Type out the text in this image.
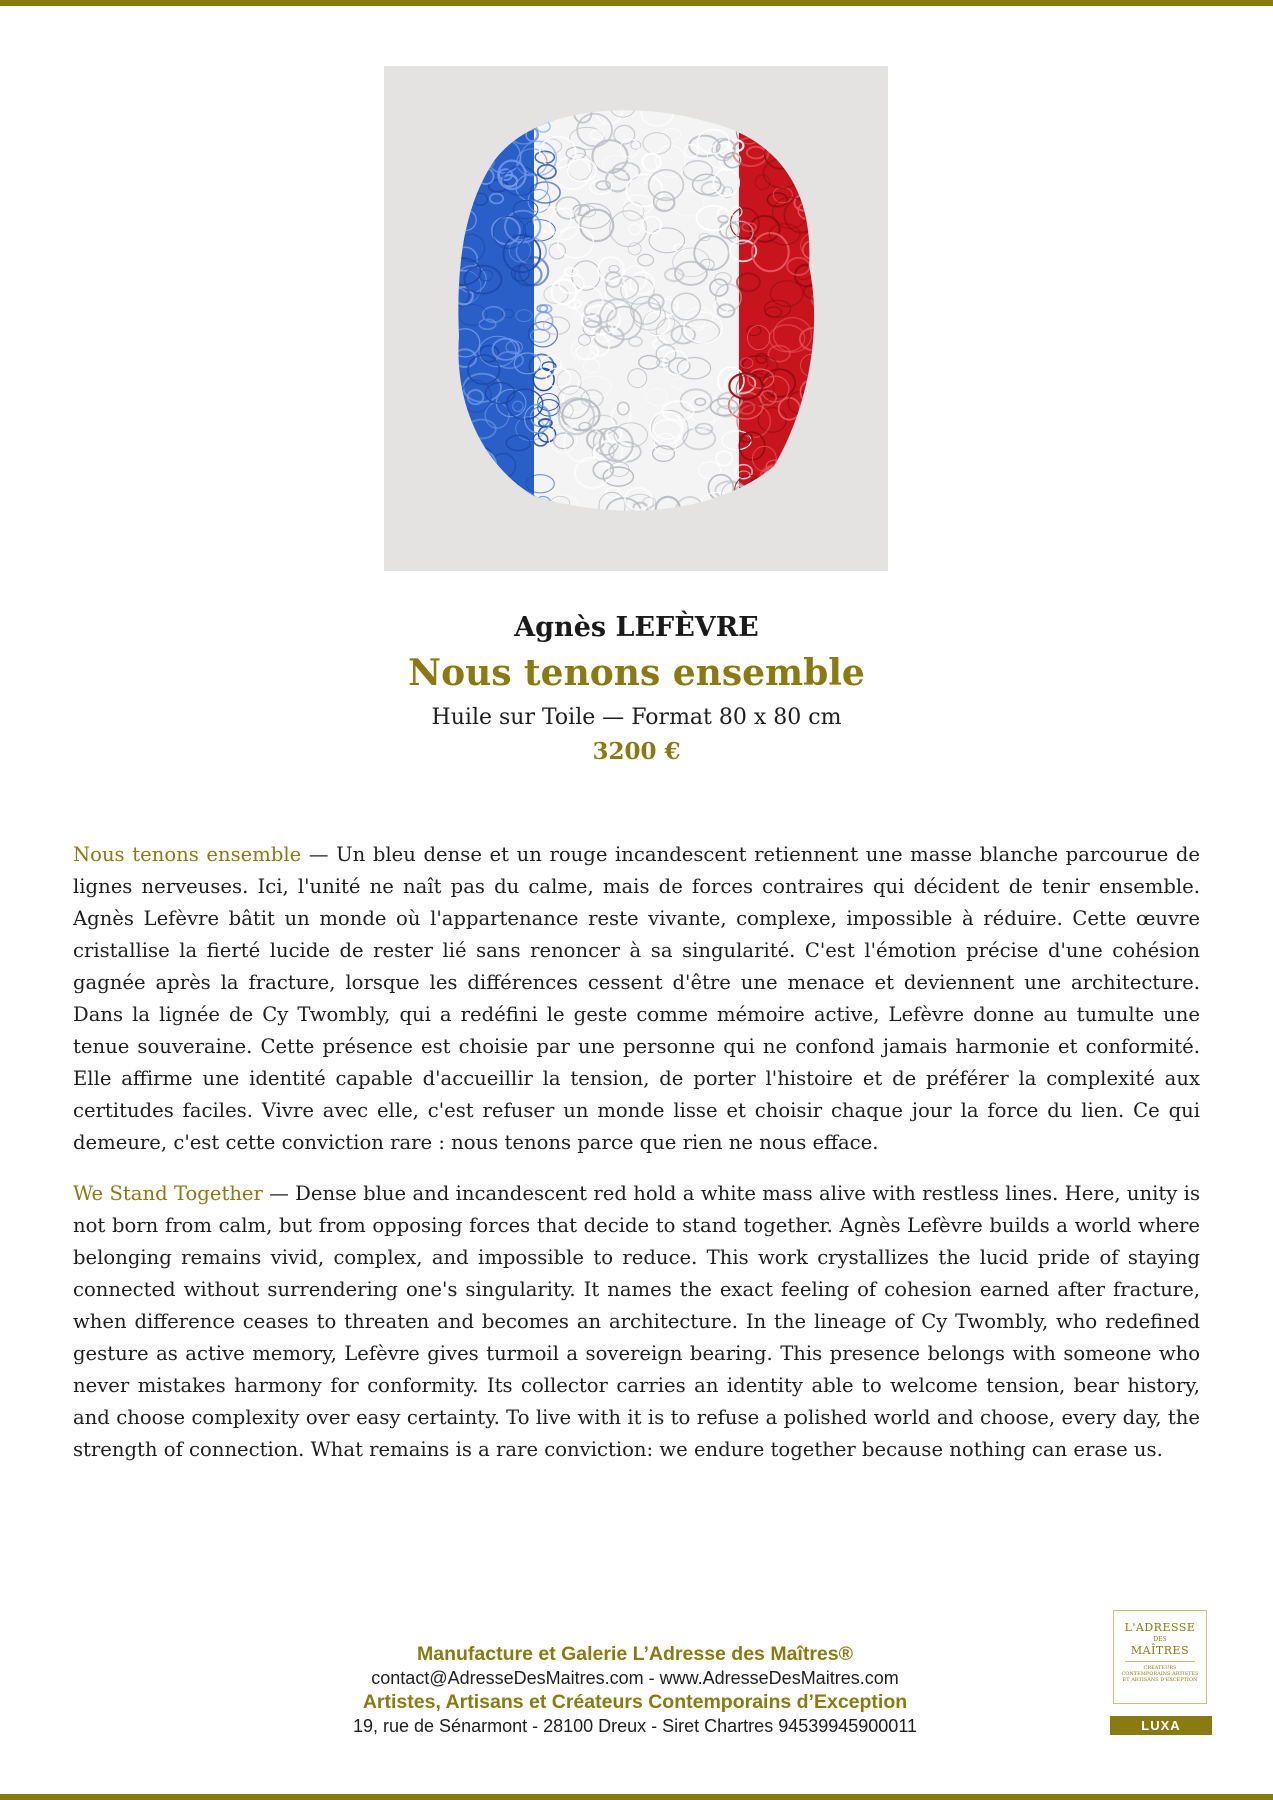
Agnès LEFÈVRE
Nous tenons ensemble
Huile sur Toile — Format 80 x 80 cm
3200 €

Nous tenons ensemble — Un bleu dense et un rouge incandescent retiennent une masse blanche parcourue de lignes nerveuses. Ici, l'unité ne naît pas du calme, mais de forces contraires qui décident de tenir ensemble. Agnès Lefèvre bâtit un monde où l'appartenance reste vivante, complexe, impossible à réduire. Cette œuvre cristallise la fierté lucide de rester lié sans renoncer à sa singularité. C'est l'émotion précise d'une cohésion gagnée après la fracture, lorsque les différences cessent d'être une menace et deviennent une architecture. Dans la lignée de Cy Twombly, qui a redéfini le geste comme mémoire active, Lefèvre donne au tumulte une tenue souveraine. Cette présence est choisie par une personne qui ne confond jamais harmonie et conformité. Elle affirme une identité capable d'accueillir la tension, de porter l'histoire et de préférer la complexité aux certitudes faciles. Vivre avec elle, c'est refuser un monde lisse et choisir chaque jour la force du lien. Ce qui demeure, c'est cette conviction rare : nous tenons parce que rien ne nous efface.

We Stand Together — Dense blue and incandescent red hold a white mass alive with restless lines. Here, unity is not born from calm, but from opposing forces that decide to stand together. Agnès Lefèvre builds a world where belonging remains vivid, complex, and impossible to reduce. This work crystallizes the lucid pride of staying connected without surrendering one's singularity. It names the exact feeling of cohesion earned after fracture, when difference ceases to threaten and becomes an architecture. In the lineage of Cy Twombly, who redefined gesture as active memory, Lefèvre gives turmoil a sovereign bearing. This presence belongs with someone who never mistakes harmony for conformity. Its collector carries an identity able to welcome tension, bear history, and choose complexity over easy certainty. To live with it is to refuse a polished world and choose, every day, the strength of connection. What remains is a rare conviction: we endure together because nothing can erase us.

Manufacture et Galerie L’Adresse des Maîtres®
contact@AdresseDesMaitres.com - www.AdresseDesMaitres.com
Artistes, Artisans et Créateurs Contemporains d’Exception
19, rue de Sénarmont - 28100 Dreux - Siret Chartres 94539945900011
L'ADRESSE
DES
MAÎTRES
CRÉATEURS CONTEMPORAINS ARTISTES ET ARTISANS D'EXCEPTION
LUXA
